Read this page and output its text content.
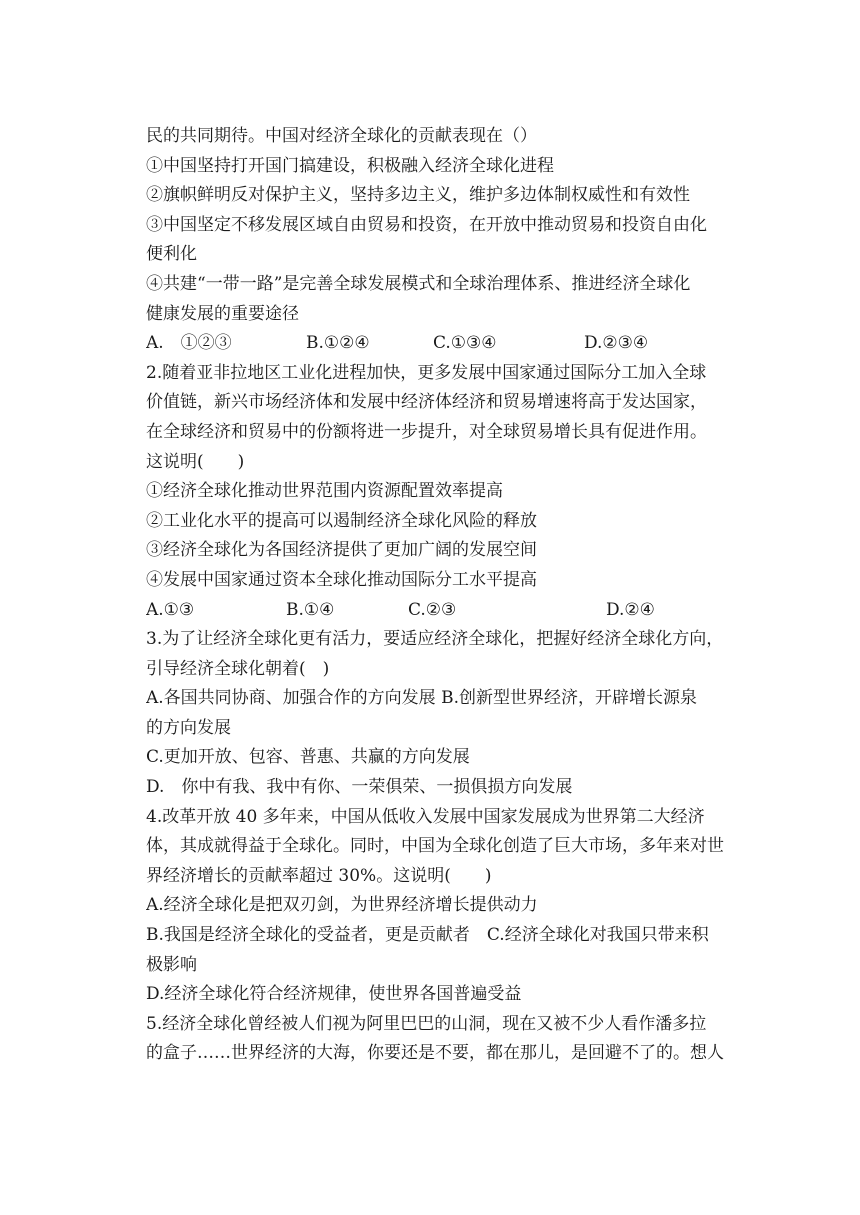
民的共同期待。中国对经济全球化的贡献表现在（）
①中国坚持打开国门搞建设，积极融入经济全球化进程
②旗帜鲜明反对保护主义，坚持多边主义，维护多边体制权威性和有效性
③中国坚定不移发展区域自由贸易和投资，在开放中推动贸易和投资自由化
便利化
④共建“一带一路”是完善全球发展模式和全球治理体系、推进经济全球化
健康发展的重要途径
A.　①②③	B.①②④	C.①③④	D.②③④
2.随着亚非拉地区工业化进程加快，更多发展中国家通过国际分工加入全球
价值链，新兴市场经济体和发展中经济体经济和贸易增速将高于发达国家，
在全球经济和贸易中的份额将进一步提升，对全球贸易增长具有促进作用。
这说明(　　)
①经济全球化推动世界范围内资源配置效率提高
②工业化水平的提高可以遏制经济全球化风险的释放
③经济全球化为各国经济提供了更加广阔的发展空间
④发展中国家通过资本全球化推动国际分工水平提高
A.①③	B.①④	C.②③	D.②④
3.为了让经济全球化更有活力，要适应经济全球化，把握好经济全球化方向，
引导经济全球化朝着(　)
A.各国共同协商、加强合作的方向发展 B.创新型世界经济，开辟增长源泉
的方向发展
C.更加开放、包容、普惠、共赢的方向发展
D.　你中有我、我中有你、一荣俱荣、一损俱损方向发展
4.改革开放 40 多年来，中国从低收入发展中国家发展成为世界第二大经济
体，其成就得益于全球化。同时，中国为全球化创造了巨大市场，多年来对世
界经济增长的贡献率超过 30%。这说明(　　)
A.经济全球化是把双刃剑，为世界经济增长提供动力
B.我国是经济全球化的受益者，更是贡献者　C.经济全球化对我国只带来积
极影响
D.经济全球化符合经济规律，使世界各国普遍受益
5.经济全球化曾经被人们视为阿里巴巴的山洞，现在又被不少人看作潘多拉
的盒子……世界经济的大海，你要还是不要，都在那儿，是回避不了的。想人
